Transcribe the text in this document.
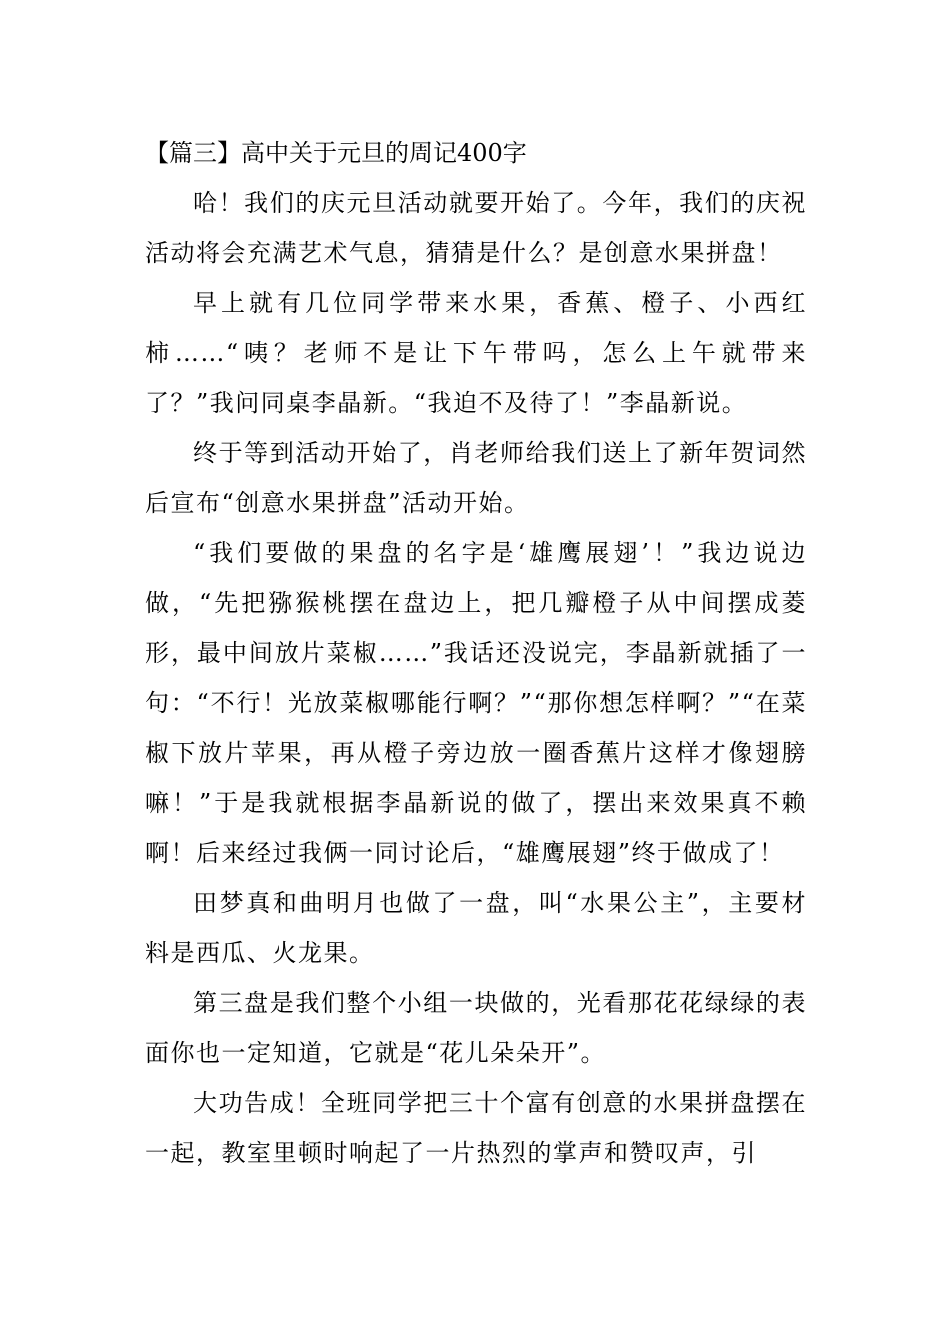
【篇三】高中关于元旦的周记400字

哈！我们的庆元旦活动就要开始了。今年，我们的庆祝活动将会充满艺术气息，猜猜是什么？是创意水果拼盘！

早上就有几位同学带来水果，香蕉、橙子、小西红柿……“咦？老师不是让下午带吗，怎么上午就带来了？”我问同桌李晶新。“我迫不及待了！”李晶新说。

终于等到活动开始了，肖老师给我们送上了新年贺词然后宣布“创意水果拼盘”活动开始。

“我们要做的果盘的名字是‘雄鹰展翅’！”我边说边做，“先把猕猴桃摆在盘边上，把几瓣橙子从中间摆成菱形，最中间放片菜椒……”我话还没说完，李晶新就插了一句：“不行！光放菜椒哪能行啊？”“那你想怎样啊？”“在菜椒下放片苹果，再从橙子旁边放一圈香蕉片这样才像翅膀嘛！”于是我就根据李晶新说的做了，摆出来效果真不赖啊！后来经过我俩一同讨论后，“雄鹰展翅”终于做成了！

田梦真和曲明月也做了一盘，叫“水果公主”，主要材料是西瓜、火龙果。

第三盘是我们整个小组一块做的，光看那花花绿绿的表面你也一定知道，它就是“花儿朵朵开”。

大功告成！全班同学把三十个富有创意的水果拼盘摆在一起，教室里顿时响起了一片热烈的掌声和赞叹声，引
